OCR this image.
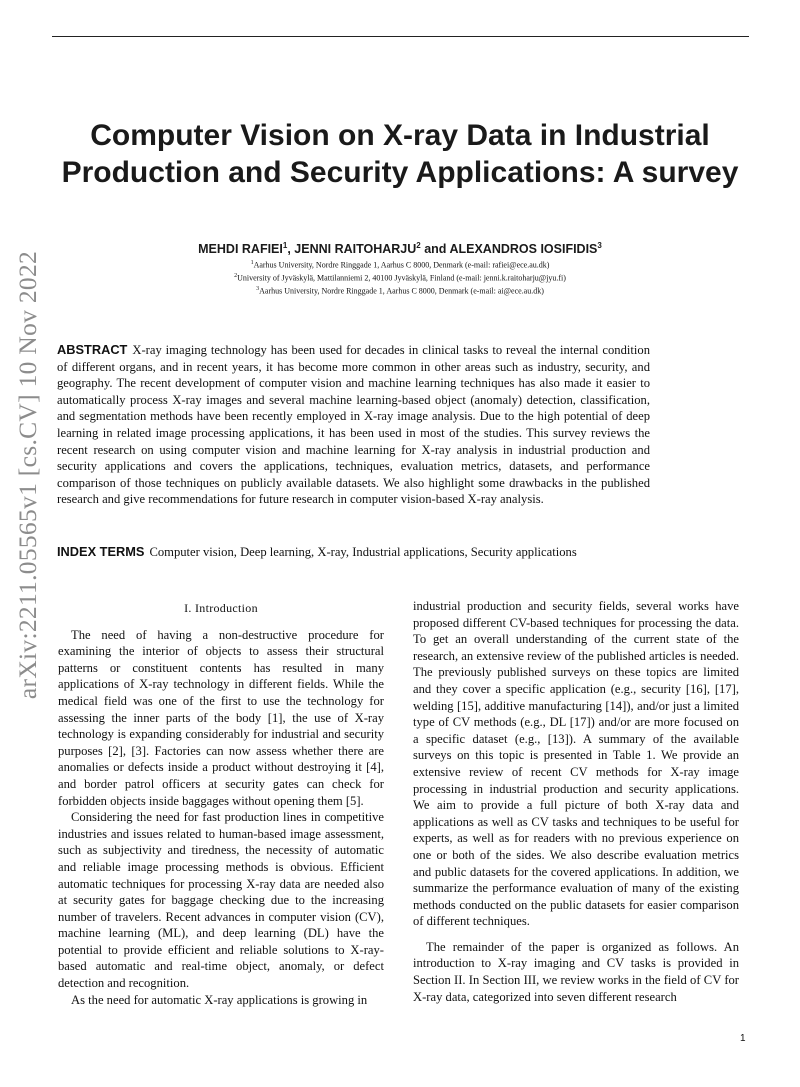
arXiv:2211.05565v1 [cs.CV] 10 Nov 2022
Computer Vision on X-ray Data in Industrial Production and Security Applications: A survey
MEHDI RAFIEI$^1$, JENNI RAITOHARJU$^2$ and ALEXANDROS IOSIFIDIS$^3$
$^1$Aarhus University, Nordre Ringgade 1, Aarhus C 8000, Denmark (e-mail: rafiei@ece.au.dk)
$^2$University of Jyväskylä, Mattilanniemi 2, 40100 Jyväskylä, Finland (e-mail: jenni.k.raitoharju@jyu.fi)
$^3$Aarhus University, Nordre Ringgade 1, Aarhus C 8000, Denmark (e-mail: ai@ece.au.dk)

ABSTRACT X-ray imaging technology has been used for decades in clinical tasks to reveal the internal condition of different organs, and in recent years, it has become more common in other areas such as industry, security, and geography. The recent development of computer vision and machine learning techniques has also made it easier to automatically process X-ray images and several machine learning-based object (anomaly) detection, classification, and segmentation methods have been recently employed in X-ray image analysis. Due to the high potential of deep learning in related image processing applications, it has been used in most of the studies. This survey reviews the recent research on using computer vision and machine learning for X-ray analysis in industrial production and security applications and covers the applications, techniques, evaluation metrics, datasets, and performance comparison of those techniques on publicly available datasets. We also highlight some drawbacks in the published research and give recommendations for future research in computer vision-based X-ray analysis.

INDEX TERMS Computer vision, Deep learning, X-ray, Industrial applications, Security applications

I. Introduction

The need of having a non-destructive procedure for examining the interior of objects to assess their structural patterns or constituent contents has resulted in many applications of X-ray technology in different fields. While the medical field was one of the first to use the technology for assessing the inner parts of the body [1], the use of X-ray technology is expanding considerably for industrial and security purposes [2], [3]. Factories can now assess whether there are anomalies or defects inside a product without destroying it [4], and border patrol officers at security gates can check for forbidden objects inside baggages without opening them [5].

Considering the need for fast production lines in competitive industries and issues related to human-based image assessment, such as subjectivity and tiredness, the necessity of automatic and reliable image processing methods is obvious. Efficient automatic techniques for processing X-ray data are needed also at security gates for baggage checking due to the increasing number of travelers. Recent advances in computer vision (CV), machine learning (ML), and deep learning (DL) have the potential to provide efficient and reliable solutions to X-ray-based automatic and real-time object, anomaly, or defect detection and recognition.

As the need for automatic X-ray applications is growing in

industrial production and security fields, several works have proposed different CV-based techniques for processing the data. To get an overall understanding of the current state of the research, an extensive review of the published articles is needed. The previously published surveys on these topics are limited and they cover a specific application (e.g., security [16], [17], welding [15], additive manufacturing [14]), and/or just a limited type of CV methods (e.g., DL [17]) and/or are more focused on a specific dataset (e.g., [13]). A summary of the available surveys on this topic is presented in Table 1. We provide an extensive review of recent CV methods for X-ray image processing in industrial production and security applications. We aim to provide a full picture of both X-ray data and applications as well as CV tasks and techniques to be useful for experts, as well as for readers with no previous experience on one or both of the sides. We also describe evaluation metrics and public datasets for the covered applications. In addition, we summarize the performance evaluation of many of the existing methods conducted on the public datasets for easier comparison of different techniques.

The remainder of the paper is organized as follows. An introduction to X-ray imaging and CV tasks is provided in Section II. In Section III, we review works in the field of CV for X-ray data, categorized into seven different research

1
